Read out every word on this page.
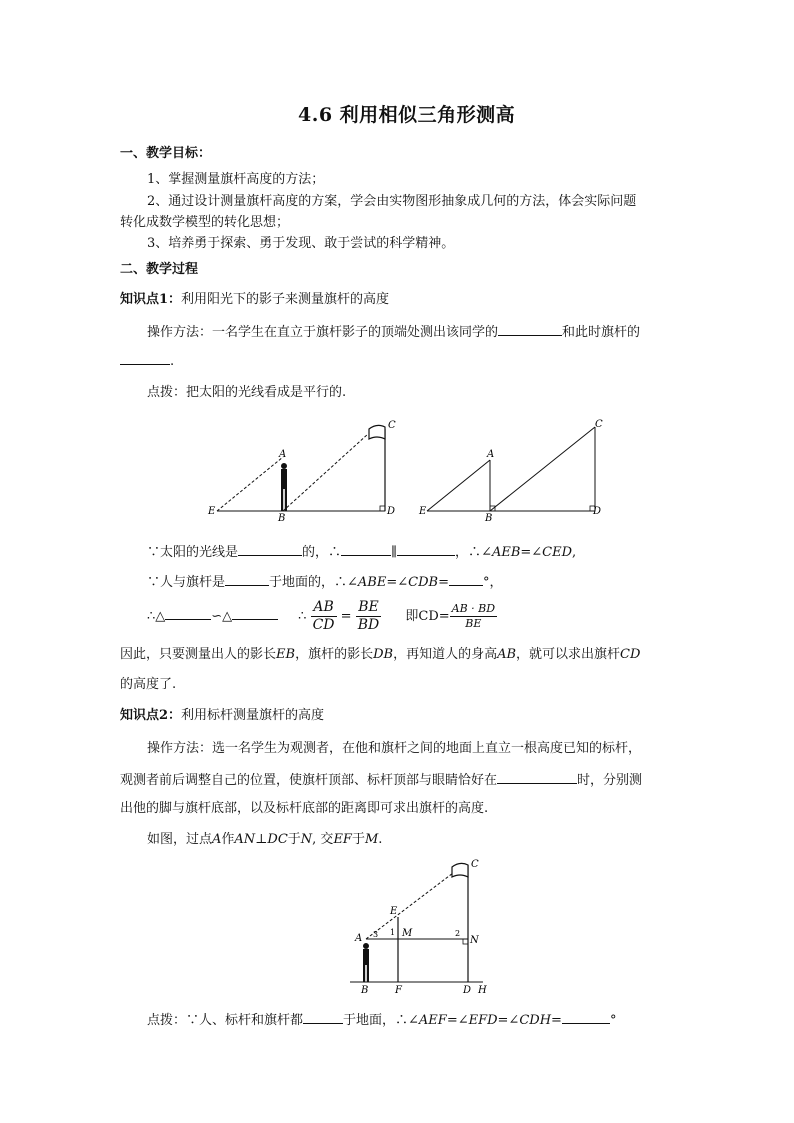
4.6 利用相似三角形测高
一、教学目标：
1、掌握测量旗杆高度的方法；
2、通过设计测量旗杆高度的方案，学会由实物图形抽象成几何的方法，体会实际问题
转化成数学模型的转化思想；
3、培养勇于探索、勇于发现、敢于尝试的科学精神。
二、教学过程
知识点1：利用阳光下的影子来测量旗杆的高度
操作方法：一名学生在直立于旗杆影子的顶端处测出该同学的	和此时旗杆的
.
点拨：把太阳的光线看成是平行的.
A
B
C
D
E
A
B
C
D
E
∵太阳的光线是	的，∴	∥	，∴∠AEB=∠CED,
∵人与旗杆是	于地面的，∴∠ABE=∠CDB=	°，
∴△	∽△	∴ $\frac{AB}{CD} = \frac{BE}{BD}$ 即$CD= \frac{AB \cdot BD}{BE}$
因此，只要测量出人的影长EB，旗杆的影长DB，再知道人的身高AB，就可以求出旗杆CD
的高度了.
知识点2：利用标杆测量旗杆的高度
操作方法：选一名学生为观测者，在他和旗杆之间的地面上直立一根高度已知的标杆，
观测者前后调整自己的位置，使旗杆顶部、标杆顶部与眼睛恰好在	时，分别测
出他的脚与旗杆底部，以及标杆底部的距离即可求出旗杆的高度.
如图，过点A作AN⊥DC于N, 交EF于M.
A
B
C
D
E
F	H
M
N
1	2
3
点拨：∵人、标杆和旗杆都	于地面，∴∠AEF=∠EFD=∠CDH=	°
